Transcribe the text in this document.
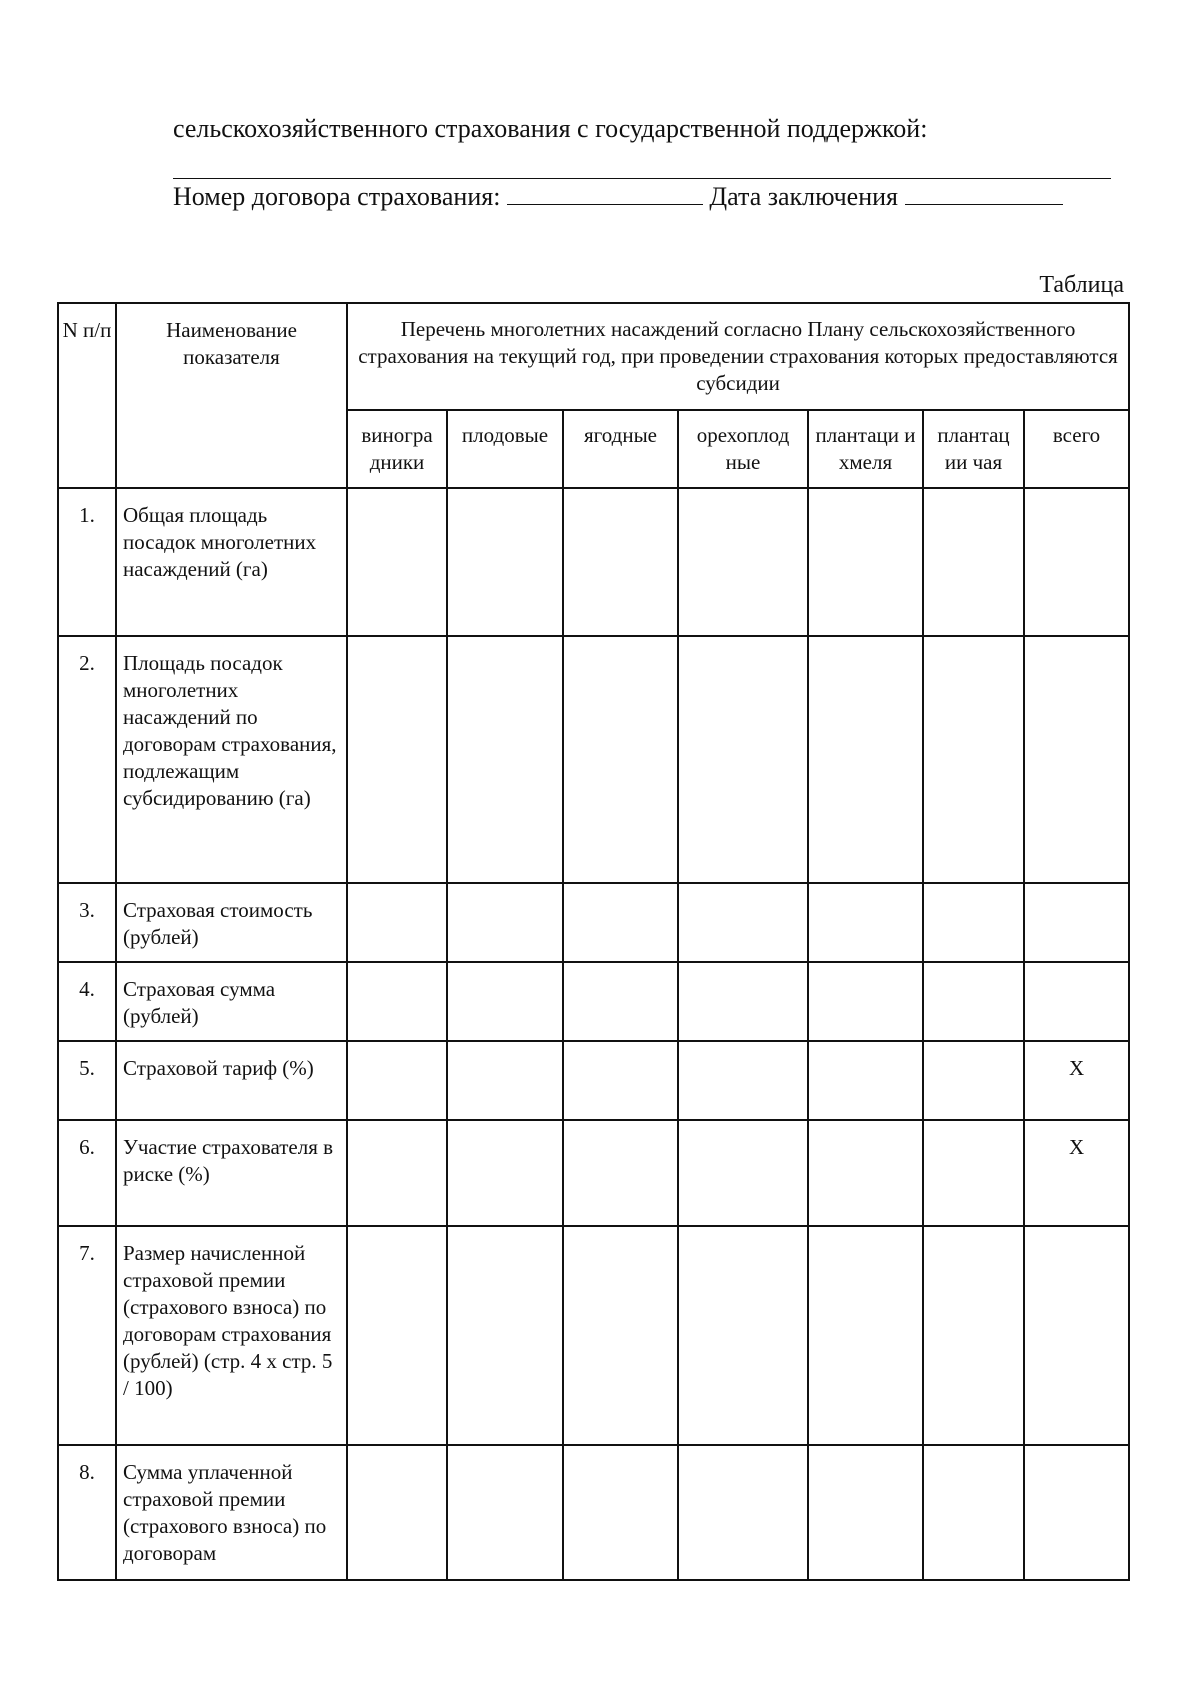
сельскохозяйственного страхования с государственной поддержкой:
Номер договора страхования:	Дата заключения
Таблица
N п/п	Наименование показателя	Перечень многолетних насаждений согласно Плану сельскохозяйственного страхования на текущий год, при проведении страхования которых предоставляются субсидии						
		виногра дники	плодовые	ягодные	орехоплод ные	плантаци и хмеля	плантац ии чая	всего
1.	Общая площадь посадок многолетних насаждений (га)							
2.	Площадь посадок многолетних насаждений по договорам страхования, подлежащим субсидированию (га)							
3.	Страховая стоимость (рублей)							
4.	Страховая сумма (рублей)							
5.	Страховой тариф (%)							X
6.	Участие страхователя в риске (%)							X
7.	Размер начисленной страховой премии (страхового взноса) по договорам страхования (рублей) (стр. 4 x стр. 5 / 100)							
8.	Сумма уплаченной страховой премии (страхового взноса) по договорам							
